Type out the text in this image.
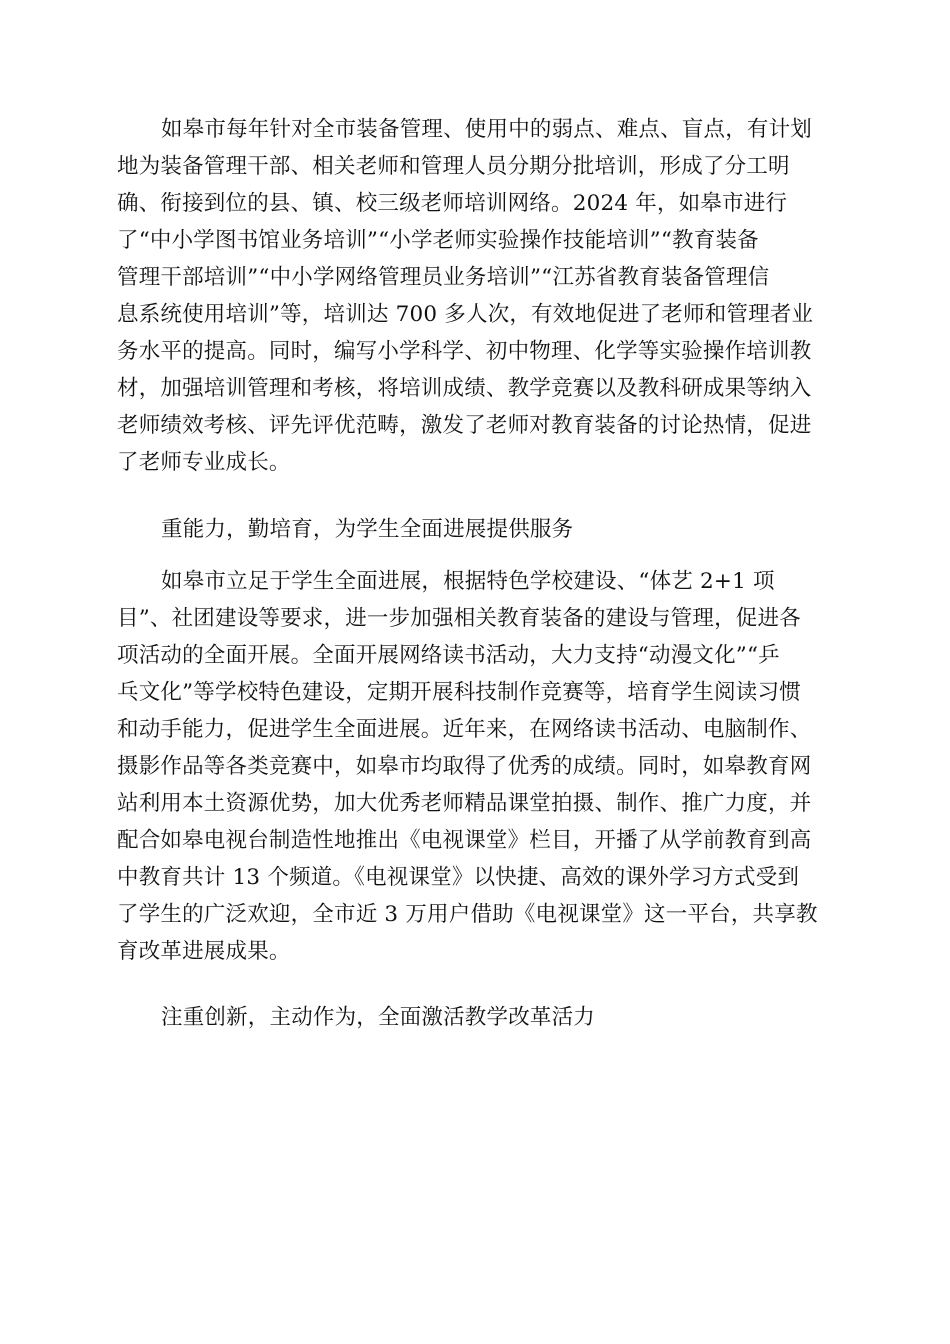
如皋市每年针对全市装备管理、使用中的弱点、难点、盲点，有计划
地为装备管理干部、相关老师和管理人员分期分批培训，形成了分工明
确、衔接到位的县、镇、校三级老师培训网络。2024 年，如皋市进行
了“中小学图书馆业务培训”“小学老师实验操作技能培训”“教育装备
管理干部培训”“中小学网络管理员业务培训”“江苏省教育装备管理信
息系统使用培训”等，培训达 700 多人次，有效地促进了老师和管理者业
务水平的提高。同时，编写小学科学、初中物理、化学等实验操作培训教
材，加强培训管理和考核，将培训成绩、教学竞赛以及教科研成果等纳入
老师绩效考核、评先评优范畴，激发了老师对教育装备的讨论热情，促进
了老师专业成长。
重能力，勤培育，为学生全面进展提供服务
如皋市立足于学生全面进展，根据特色学校建设、“体艺 2+1 项
目”、社团建设等要求，进一步加强相关教育装备的建设与管理，促进各
项活动的全面开展。全面开展网络读书活动，大力支持“动漫文化”“乒
乓文化”等学校特色建设，定期开展科技制作竞赛等，培育学生阅读习惯
和动手能力，促进学生全面进展。近年来，在网络读书活动、电脑制作、
摄影作品等各类竞赛中，如皋市均取得了优秀的成绩。同时，如皋教育网
站利用本土资源优势，加大优秀老师精品课堂拍摄、制作、推广力度，并
配合如皋电视台制造性地推出《电视课堂》栏目，开播了从学前教育到高
中教育共计 13 个频道。《电视课堂》以快捷、高效的课外学习方式受到
了学生的广泛欢迎，全市近 3 万用户借助《电视课堂》这一平台，共享教
育改革进展成果。
注重创新，主动作为，全面激活教学改革活力
